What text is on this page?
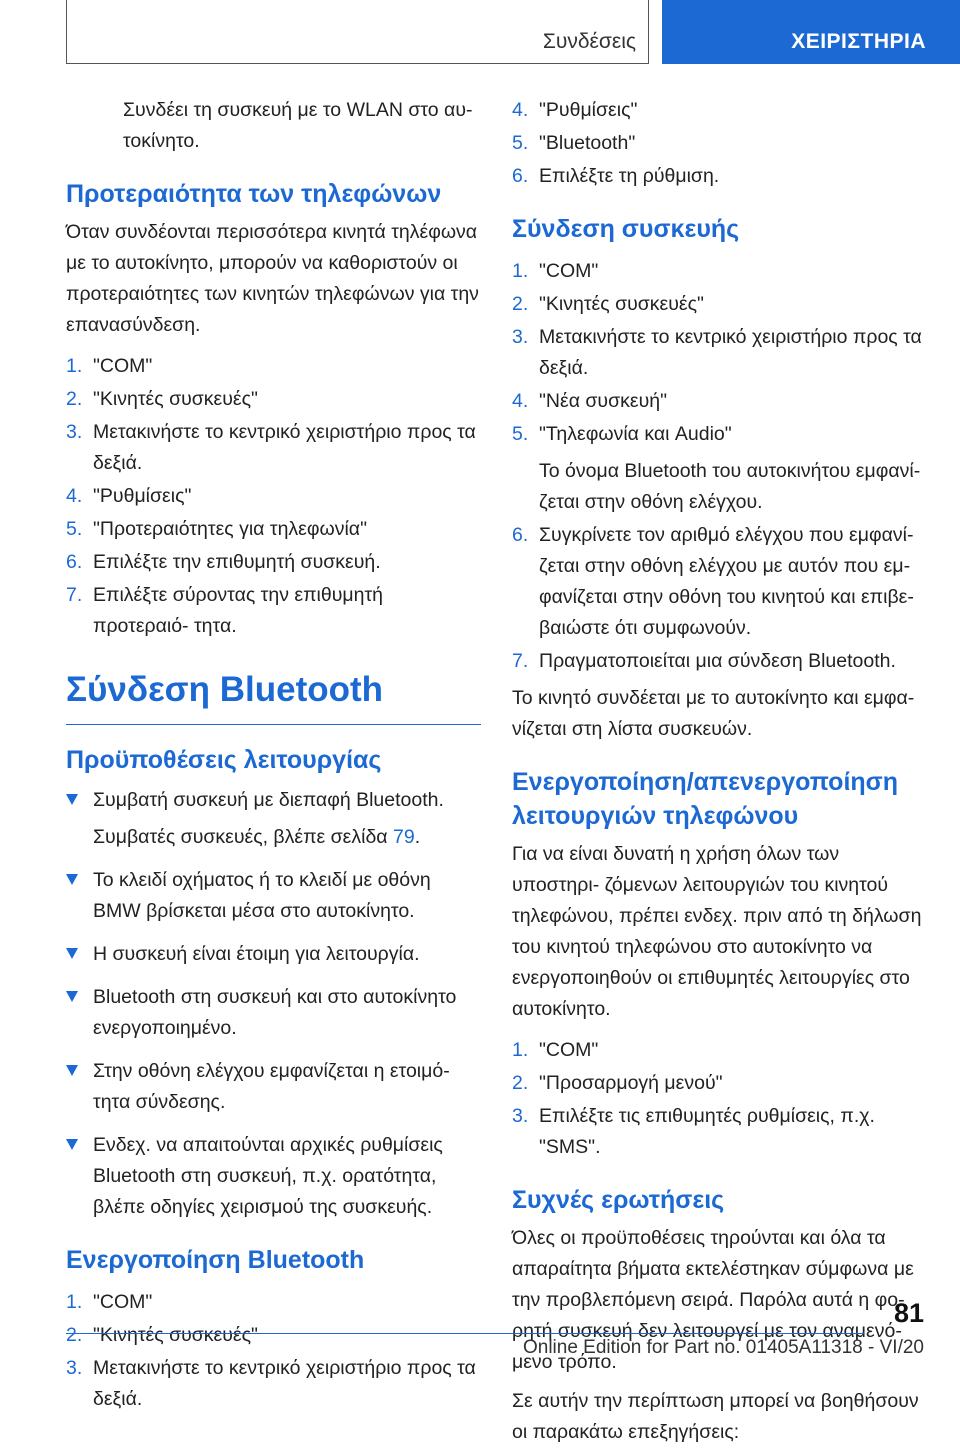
Συνδέσεις	ΧΕΙΡΙΣΤΗΡΙΑ

Συνδέει τη συσκευή με το WLAN στο αυ- τοκίνητο.

Προτεραιότητα των τηλεφώνων

Όταν συνδέονται περισσότερα κινητά τηλέφωνα με το αυτοκίνητο, μπορούν να καθοριστούν οι προτεραιότητες των κινητών τηλεφώνων για την επανασύνδεση.

1. "COM"
2. "Κινητές συσκευές"
3. Μετακινήστε το κεντρικό χειριστήριο προς τα δεξιά.
4. "Ρυθμίσεις"
5. "Προτεραιότητες για τηλεφωνία"
6. Επιλέξτε την επιθυμητή συσκευή.
7. Επιλέξτε σύροντας την επιθυμητή προτεραιό- τητα.
Σύνδεση Bluetooth
Προϋποθέσεις λειτουργίας
Συμβατή συσκευή με διεπαφή Bluetooth.
Συμβατές συσκευές, βλέπε σελίδα 79.
Το κλειδί οχήματος ή το κλειδί με οθόνη BMW βρίσκεται μέσα στο αυτοκίνητο.
Η συσκευή είναι έτοιμη για λειτουργία.
Bluetooth στη συσκευή και στο αυτοκίνητο ενεργοποιημένο.
Στην οθόνη ελέγχου εμφανίζεται η ετοιμό- τητα σύνδεσης.
Ενδεχ. να απαιτούνται αρχικές ρυθμίσεις Bluetooth στη συσκευή, π.χ. ορατότητα, βλέπε οδηγίες χειρισμού της συσκευής.
Ενεργοποίηση Bluetooth
1. "COM"
2. "Κινητές συσκευές"
3. Μετακινήστε το κεντρικό χειριστήριο προς τα δεξιά.
4. "Ρυθμίσεις"
5. "Bluetooth"
6. Επιλέξτε τη ρύθμιση.
Σύνδεση συσκευής
1. "COM"
2. "Κινητές συσκευές"
3. Μετακινήστε το κεντρικό χειριστήριο προς τα δεξιά.
4. "Νέα συσκευή"
5. "Τηλεφωνία και Audio"
Το όνομα Bluetooth του αυτοκινήτου εμφανί- ζεται στην οθόνη ελέγχου.
6. Συγκρίνετε τον αριθμό ελέγχου που εμφανί- ζεται στην οθόνη ελέγχου με αυτόν που εμ- φανίζεται στην οθόνη του κινητού και επιβε- βαιώστε ότι συμφωνούν.
7. Πραγματοποιείται μια σύνδεση Bluetooth.

Το κινητό συνδέεται με το αυτοκίνητο και εμφα- νίζεται στη λίστα συσκευών.

Ενεργοποίηση/απενεργοποίηση λειτουργιών τηλεφώνου

Για να είναι δυνατή η χρήση όλων των υποστηρι- ζόμενων λειτουργιών του κινητού τηλεφώνου, πρέπει ενδεχ. πριν από τη δήλωση του κινητού τηλεφώνου στο αυτοκίνητο να ενεργοποιηθούν οι επιθυμητές λειτουργίες στο αυτοκίνητο.

1. "COM"
2. "Προσαρμογή μενού"
3. Επιλέξτε τις επιθυμητές ρυθμίσεις, π.χ. "SMS".
Συχνές ερωτήσεις

Όλες οι προϋποθέσεις τηρούνται και όλα τα απαραίτητα βήματα εκτελέστηκαν σύμφωνα με την προβλεπόμενη σειρά. Παρόλα αυτά η φο- ρητή συσκευή δεν λειτουργεί με τον αναμενό- μενο τρόπο.

Σε αυτήν την περίπτωση μπορεί να βοηθήσουν οι παρακάτω επεξηγήσεις:

81
Online Edition for Part no. 01405A11318 - VI/20
